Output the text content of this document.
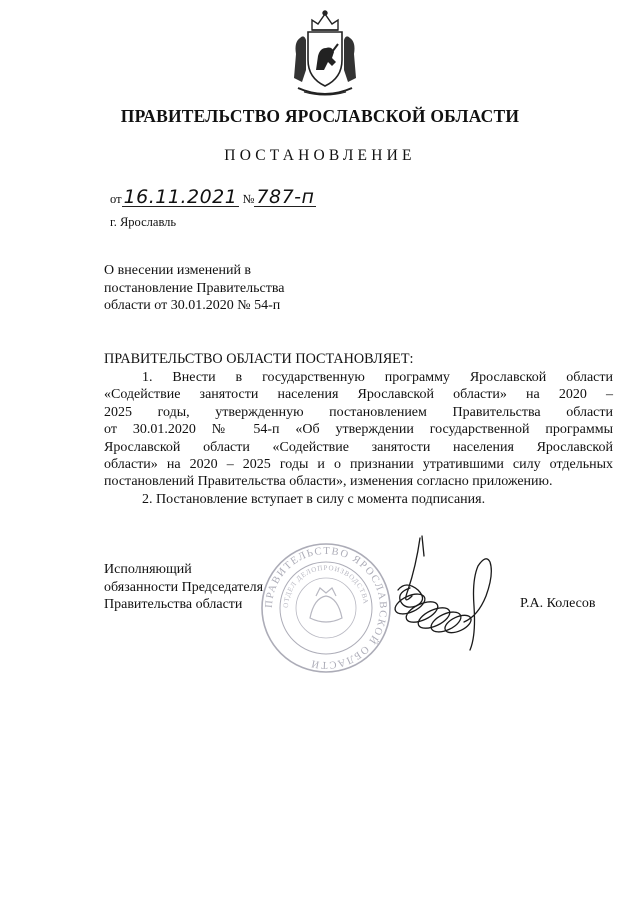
ПРАВИТЕЛЬСТВО ЯРОСЛАВСКОЙ ОБЛАСТИ
ПОСТАНОВЛЕНИЕ
от 16.11.2021 № 787-п
г. Ярославль
О внесении изменений в
постановление Правительства
области от 30.01.2020 № 54-п
ПРАВИТЕЛЬСТВО ОБЛАСТИ ПОСТАНОВЛЯЕТ:
1. Внести в государственную программу Ярославской области
«Содействие занятости населения Ярославской области» на 2020 –
2025 годы, утвержденную постановлением Правительства области
от 30.01.2020 № 54-п «Об утверждении государственной программы
Ярославской области «Содействие занятости населения Ярославской
области» на 2020 – 2025 годы и о признании утратившими силу отдельных
постановлений Правительства области», изменения согласно приложению.
2. Постановление вступает в силу с момента подписания.
Исполняющий
обязанности Председателя
Правительства области	ПРАВИТЕЛЬСТВО ЯРОСЛАВСКОЙ ОБЛАСТИ
ОТДЕЛ ДЕЛОПРОИЗВОДСТВА	Р.А. Колесов
